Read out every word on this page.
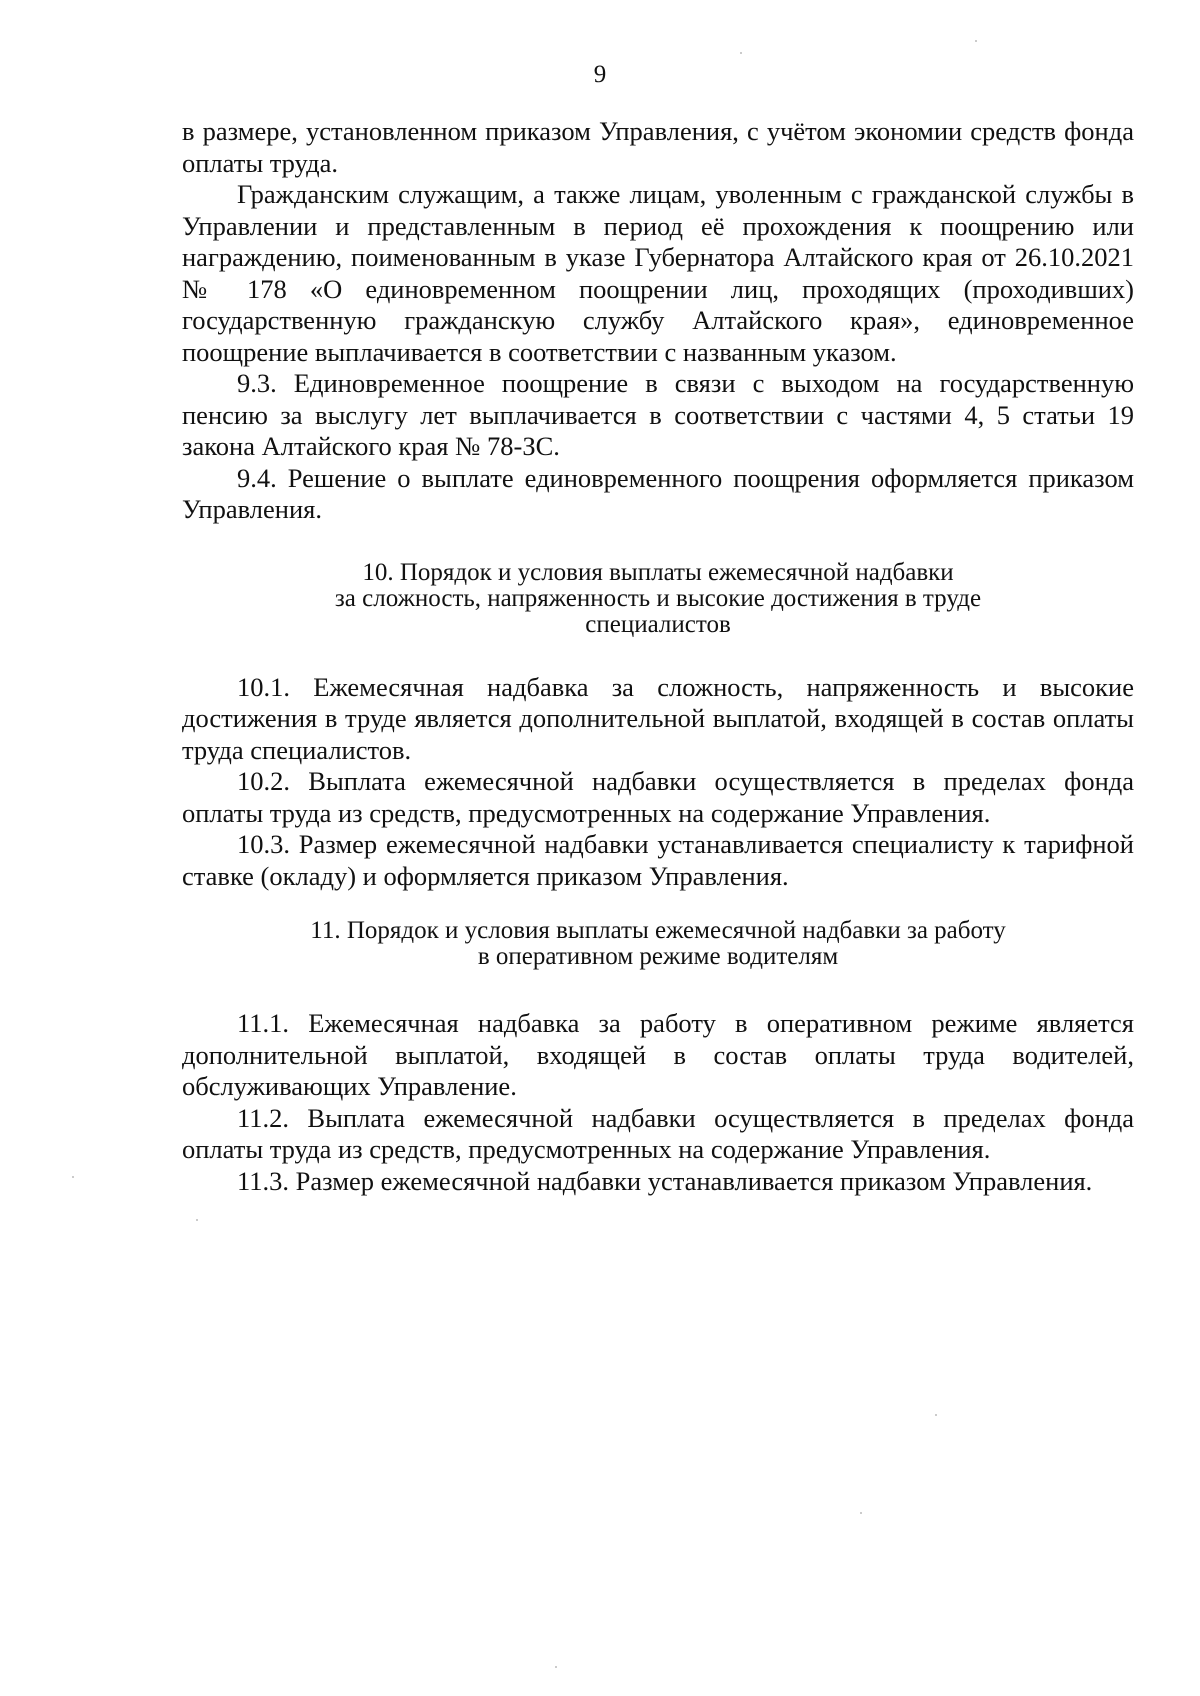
9

в размере, установленном приказом Управления, с учётом экономии средств фонда оплаты труда.

Гражданским служащим, а также лицам, уволенным с гражданской службы в Управлении и представленным в период её прохождения к поощрению или награждению, поименованным в указе Губернатора Алтайского края от 26.10.2021 № 178 «О единовременном поощрении лиц, проходящих (проходивших) государственную гражданскую службу Алтайского края», единовременное поощрение выплачивается в соответствии с названным указом.

9.3. Единовременное поощрение в связи с выходом на государственную пенсию за выслугу лет выплачивается в соответствии с частями 4, 5 статьи 19 закона Алтайского края № 78-ЗС.

9.4. Решение о выплате единовременного поощрения оформляется приказом Управления.

10. Порядок и условия выплаты ежемесячной надбавки
за сложность, напряженность и высокие достижения в труде
специалистов

10.1. Ежемесячная надбавка за сложность, напряженность и высокие достижения в труде является дополнительной выплатой, входящей в состав оплаты труда специалистов.

10.2. Выплата ежемесячной надбавки осуществляется в пределах фонда оплаты труда из средств, предусмотренных на содержание Управления.

10.3. Размер ежемесячной надбавки устанавливается специалисту к тарифной ставке (окладу) и оформляется приказом Управления.

11. Порядок и условия выплаты ежемесячной надбавки за работу
в оперативном режиме водителям

11.1. Ежемесячная надбавка за работу в оперативном режиме является дополнительной выплатой, входящей в состав оплаты труда водителей, обслуживающих Управление.

11.2. Выплата ежемесячной надбавки осуществляется в пределах фонда оплаты труда из средств, предусмотренных на содержание Управления.

11.3. Размер ежемесячной надбавки устанавливается приказом Управления.
